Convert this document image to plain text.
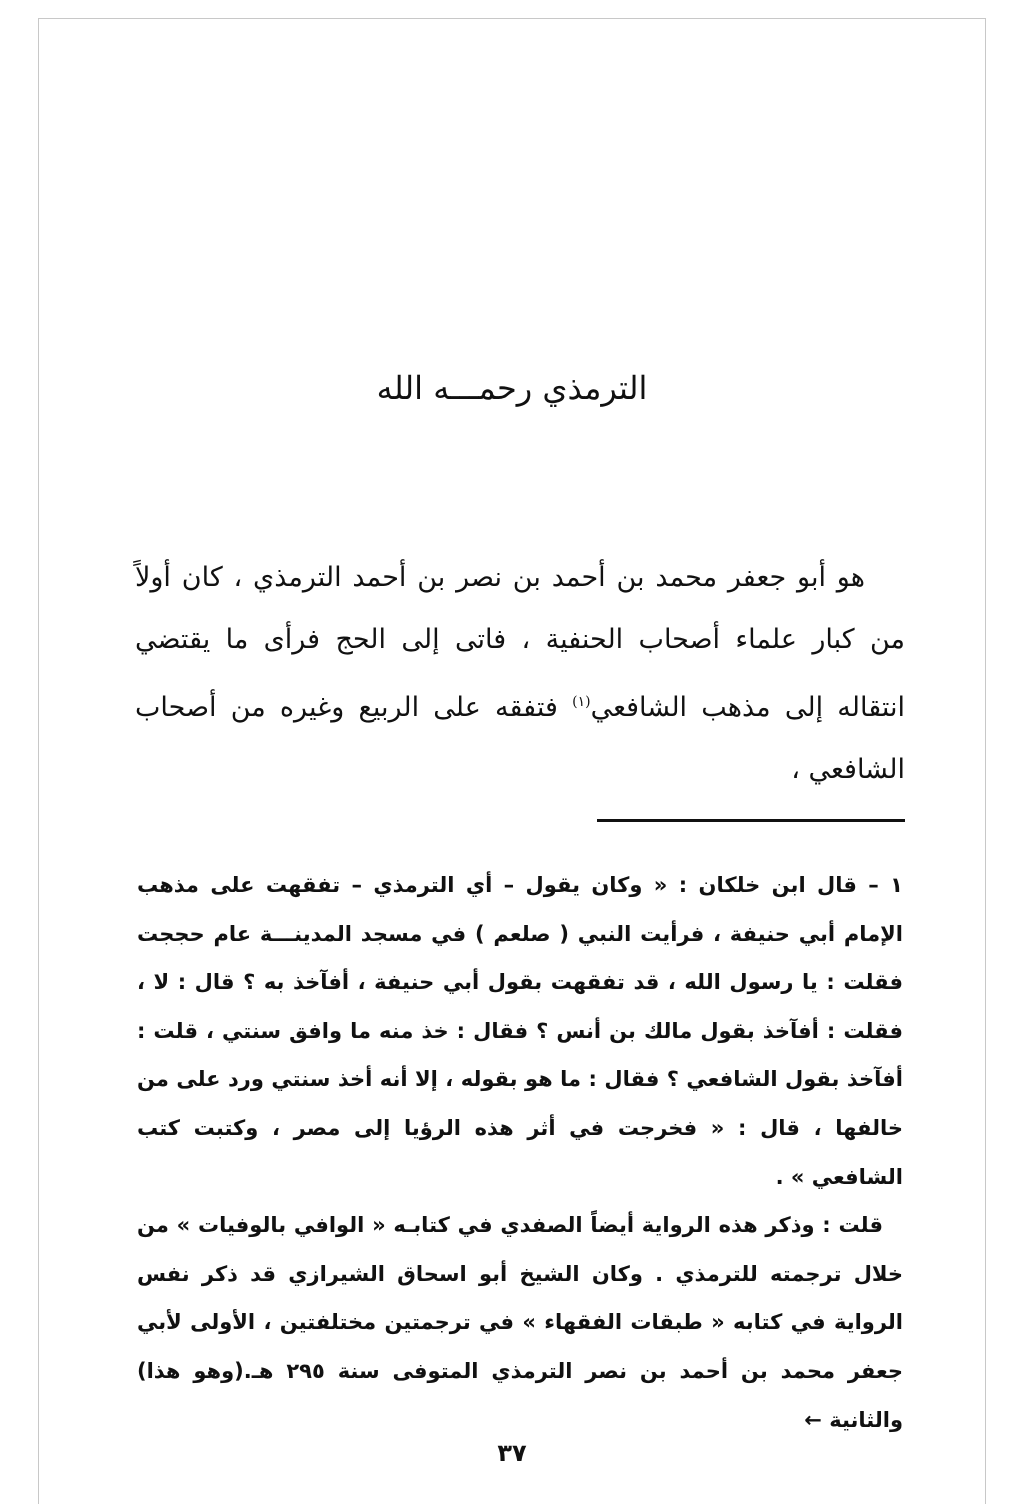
الترمذي رحمـــه الله

هو أبو جعفر محمد بن أحمد بن نصر بن أحمد الترمذي ، كان أولاً من كبار علماء أصحاب الحنفية ، فاتى إلى الحج فرأى ما يقتضي انتقاله إلى مذهب الشافعي$^{(١)}$ فتفقه على الربيع وغيره من أصحاب الشافعي ،

١ – قال ابن خلكان : « وكان يقول – أي الترمذي – تفقهت على مذهب الإمام أبي حنيفة ، فرأيت النبي ( صلعم ) في مسجد المدينـــة عام حججت فقلت : يا رسول الله ، قد تفقهت بقول أبي حنيفة ، أفآخذ به ؟ قال : لا ، فقلت : أفآخذ بقول مالك بن أنس ؟ فقال : خذ منه ما وافق سنتي ، قلت : أفآخذ بقول الشافعي ؟ فقال : ما هو بقوله ، إلا أنه أخذ سنتي ورد على من خالفها ، قال : « فخرجت في أثر هذه الرؤيا إلى مصر ، وكتبت كتب الشافعي » .

قلت : وذكر هذه الرواية أيضاً الصفدي في كتابـه « الوافي بالوفيات » من خلال ترجمته للترمذي . وكان الشيخ أبو اسحاق الشيرازي قد ذكر نفس الرواية في كتابه « طبقات الفقهاء » في ترجمتين مختلفتين ، الأولى لأبي جعفر محمد بن أحمد بن نصر الترمذي المتوفى سنة ٢٩٥ هـ.(وهو هذا) والثانية ←

٣٧
